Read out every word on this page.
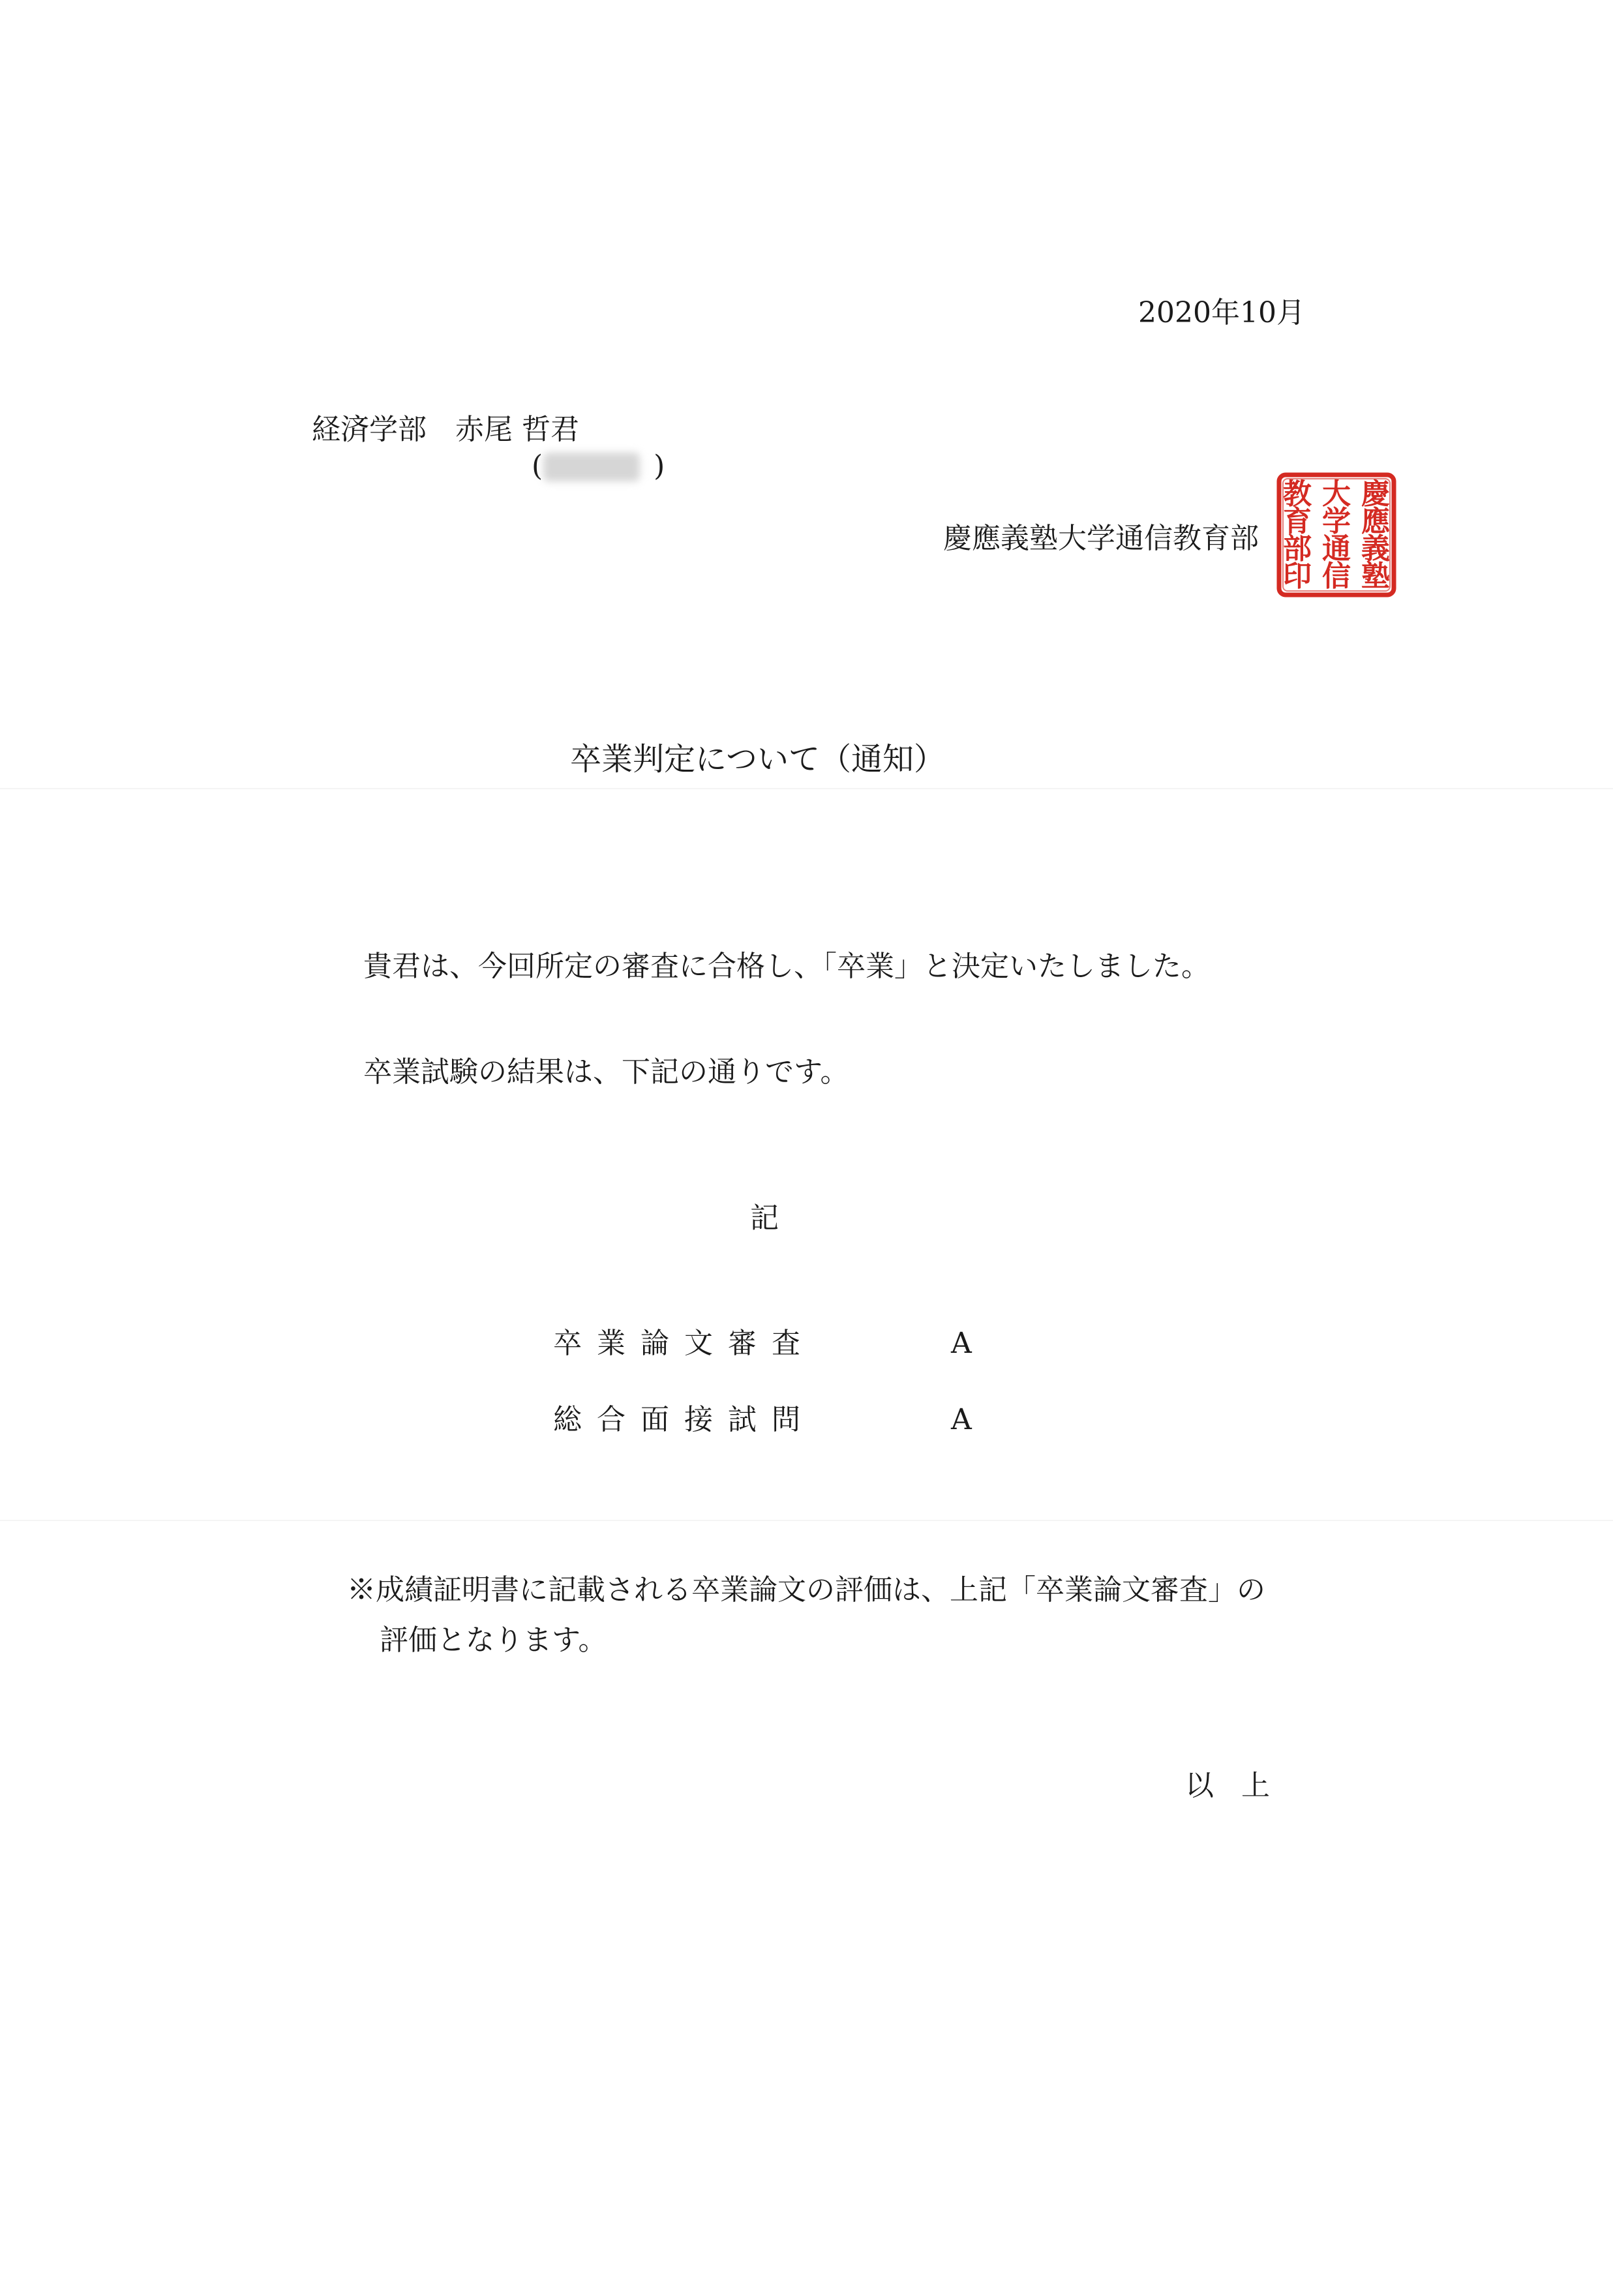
2020年10月
経済学部　赤尾 哲君
(	)
慶應義塾大学通信教育部
慶
應
義
塾
大
学
通
信
教
育
部
印
卒業判定について（通知）
貴君は、今回所定の審査に合格し、「卒業」と決定いたしました。
卒業試験の結果は、下記の通りです。
記
卒業論文審査	A
総合面接試問	A
※成績証明書に記載される卒業論文の評価は、上記「卒業論文審査」の
評価となります。
以上
